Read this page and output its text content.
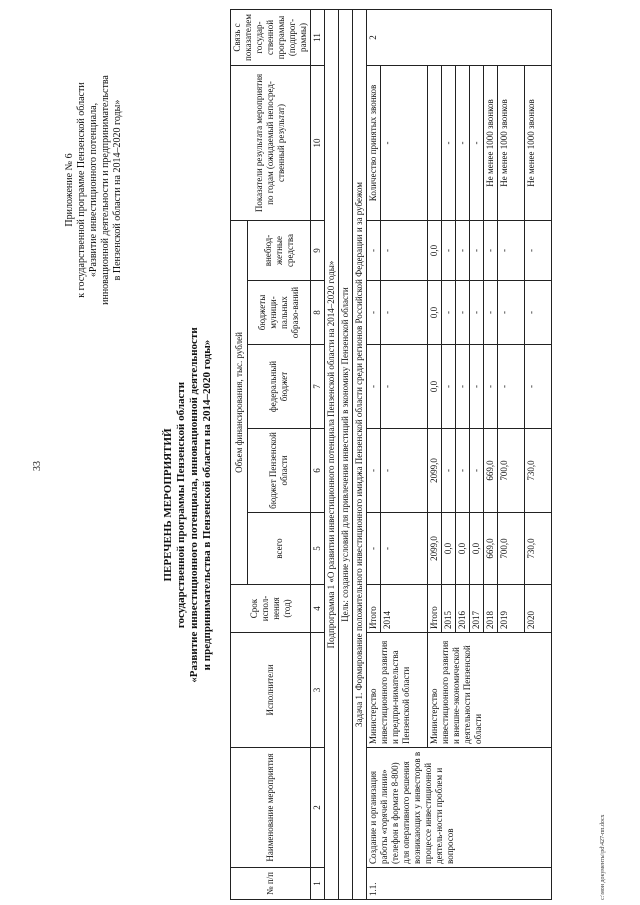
33
Приложение № 6 к государственной программе Пензенской области «Развитие инвестиционного потенциала, инновационной деятельности и предпринимательства в Пензенской области на 2014–2020 годы»
ПЕРЕЧЕНЬ МЕРОПРИЯТИЙ государственной программы Пензенской области «Развитие инвестиционного потенциала, инновационной деятельности и предпринимательства в Пензенской области на 2014–2020 годы»
№ п/п	Наименование мероприятия	Исполнители	Срок испол-нения (год)	Объем финансирования, тыс. рублей					Показатели результата мероприятия по годам (ожидаемый непосред-ственный результат)	Связь с показателем государ-ственной программы (подпрог-раммы)
				всего	бюджет Пензенской области	федеральный бюджет	бюджеты муници-пальных образо-ваний	внебюд-жетные средства		
1	2	3	4	5	6	7	8	9	10	11
Подпрограмма 1 «О развитии инвестиционного потенциала Пензенской области на 2014–2020 годы»										
Цель: создание условий для привлечения инвестиций в экономику Пензенской области										
Задача 1. Формирование положительного инвестиционного имиджа Пензенской области среди регионов Российской Федерации и за рубежом										
1.1.	Создание и организация работы «горячей линии» (телефон в формате 8-800) для оперативного решения возникающих у инвесторов в процессе инвестиционной деятель-ности проблем и вопросов	Министерство инвестиционного развития и предпри-нимательства Пензенской области	Итого	-	-	-	-	-	Количество принятых звонков	2
			2014	-	-	-	-	-	-	
		Министерство инвестиционного развития и внешне-экономической деятельности Пензенской области	Итого	2099,0	2099,0	0,0	0,0	0,0		
			2015	0,0	-	-	-	-	-	
			2016	0,0	-	-	-	-	-	
			2017	0,0	-	-	-	-	-	
			2018	669,0	669,0	-	-	-	Не менее 1000 звонков	
			2019	700,0	700,0	-	-	-	Не менее 1000 звонков	
			2020	730,0	730,0	-	-	-	Не менее 1000 звонков	
c:\мои документы\pd\427-пп.docx
